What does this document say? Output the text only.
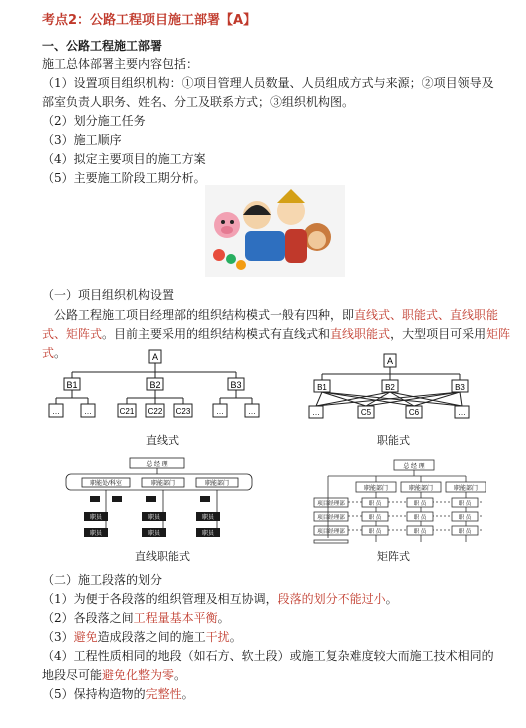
考点2：公路工程项目施工部署【A】
一、公路工程施工部署
施工总体部署主要内容包括：
（1）设置项目组织机构：①项目管理人员数量、人员组成方式与来源；②项目领导及
部室负责人职务、姓名、分工及联系方式；③组织机构图。
（2）划分施工任务
（3）施工顺序
（4）拟定主要项目的施工方案
（5）主要施工阶段工期分析。
（一）项目组织机构设置
公路工程施工项目经理部的组织结构模式一般有四种，即直线式、职能式、直线职能式、矩阵式。目前主要采用的组织结构模式有直线式和直线职能式，大型项目可采用矩阵式。	A
B1	B2	B3
…	…	C21 C22 C23	…	…
直线式
A
B1	B2	B3
…	C5	C6	…
职能式
总 经 理
职能处/科室	职能部门	职能部门
职员	职员	职员
职员	职员	职员
直线职能式
总 经 理
职能部门	职能部门	职能部门
项目经理部
项目经理部
项目经理部
职 员	职 员	职 员
职 员	职 员	职 员
职 员	职 员	职 员
矩阵式
（二）施工段落的划分
（1）为便于各段落的组织管理及相互协调，段落的划分不能过小。
（2）各段落之间工程量基本平衡。
（3）避免造成段落之间的施工干扰。
（4）工程性质相同的地段（如石方、软土段）或施工复杂难度较大而施工技术相同的
地段尽可能避免化整为零。
（5）保持构造物的完整性。
